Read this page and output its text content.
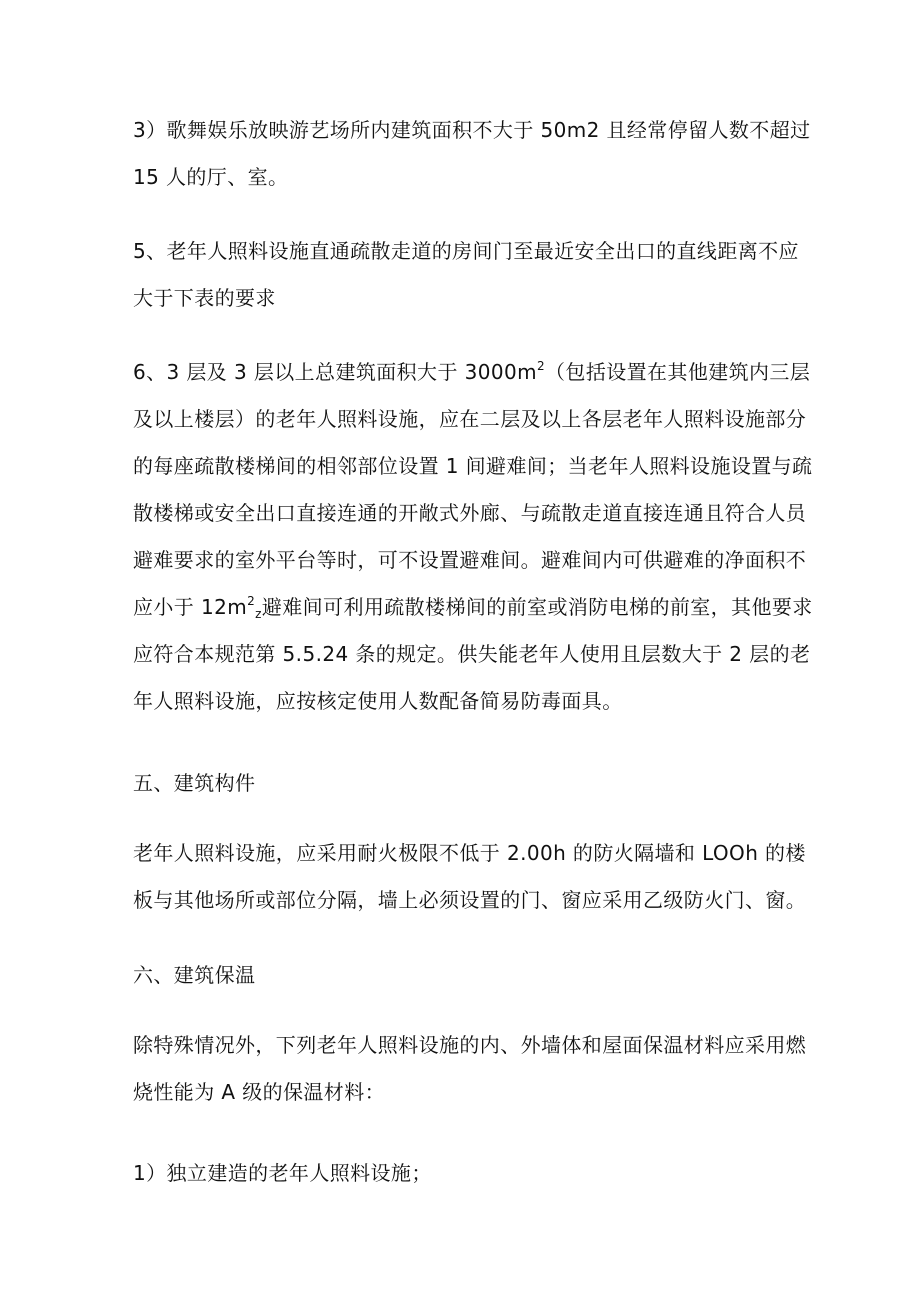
3）歌舞娱乐放映游艺场所内建筑面积不大于 50m2 且经常停留人数不超过
15 人的厅、室。
5、老年人照料设施直通疏散走道的房间门至最近安全出口的直线距离不应
大于下表的要求
6、3 层及 3 层以上总建筑面积大于 $3000m^2$（包括设置在其他建筑内三层
及以上楼层）的老年人照料设施，应在二层及以上各层老年人照料设施部分
的每座疏散楼梯间的相邻部位设置 1 间避难间；当老年人照料设施设置与疏
散楼梯或安全出口直接连通的开敞式外廊、与疏散走道直接连通且符合人员
避难要求的室外平台等时，可不设置避难间。避难间内可供避难的净面积不
应小于 $12m^2_z$避难间可利用疏散楼梯间的前室或消防电梯的前室，其他要求
应符合本规范第 5.5.24 条的规定。供失能老年人使用且层数大于 2 层的老
年人照料设施，应按核定使用人数配备简易防毒面具。
五、建筑构件
老年人照料设施，应采用耐火极限不低于 2.00h 的防火隔墙和 LOOh 的楼
板与其他场所或部位分隔，墙上必须设置的门、窗应采用乙级防火门、窗。
六、建筑保温
除特殊情况外，下列老年人照料设施的内、外墙体和屋面保温材料应采用燃
烧性能为 A 级的保温材料：
1）独立建造的老年人照料设施；
